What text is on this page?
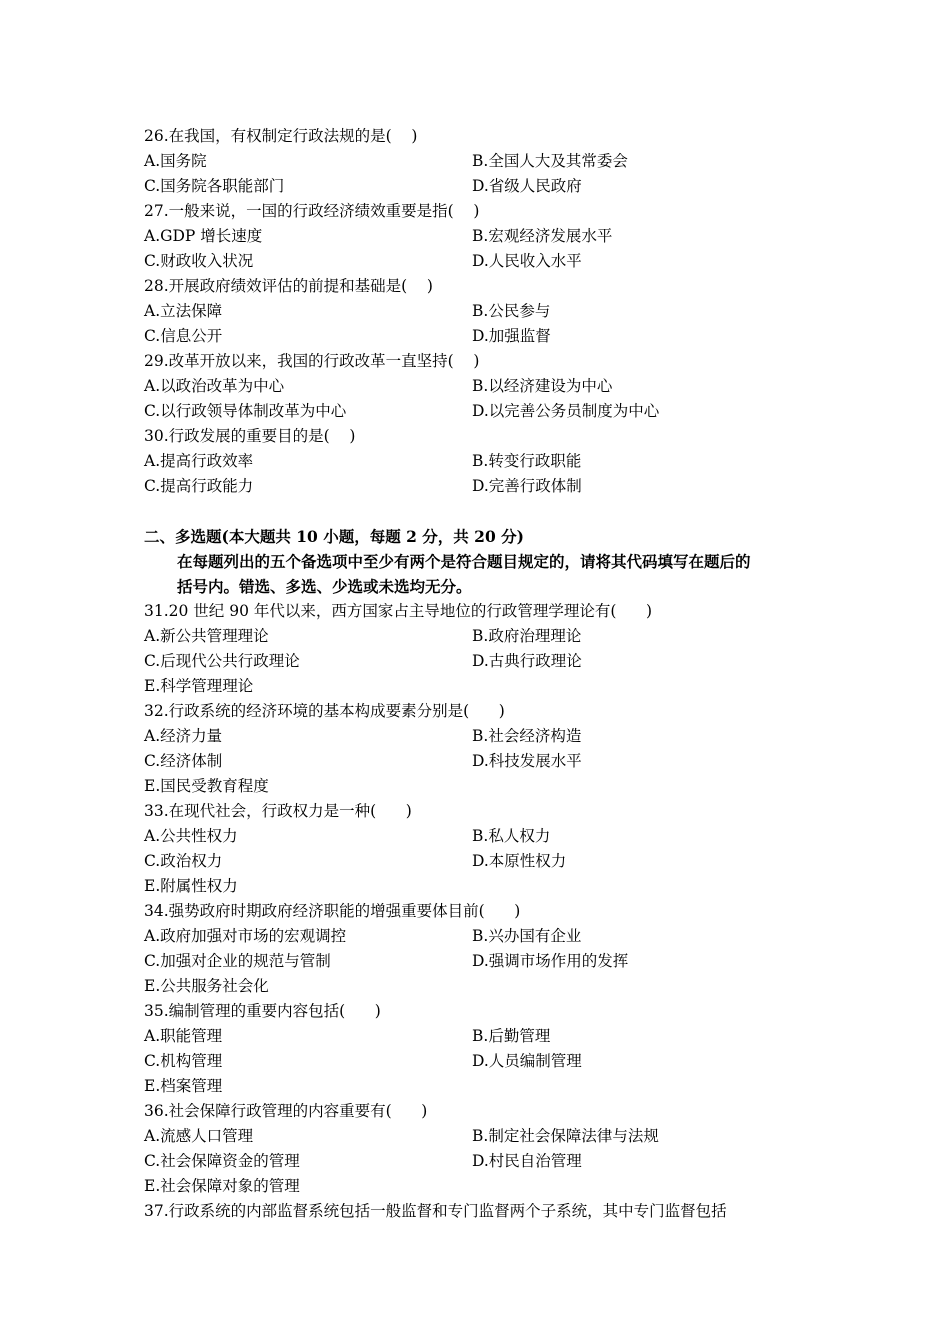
26.在我国，有权制定行政法规的是(    )
A.国务院	B.全国人大及其常委会
C.国务院各职能部门	D.省级人民政府
27.一般来说，一国的行政经济绩效重要是指(    )
A.GDP 增长速度	B.宏观经济发展水平
C.财政收入状况	D.人民收入水平
28.开展政府绩效评估的前提和基础是(    )
A.立法保障	B.公民参与
C.信息公开	D.加强监督
29.改革开放以来，我国的行政改革一直坚持(    )
A.以政治改革为中心	B.以经济建设为中心
C.以行政领导体制改革为中心	D.以完善公务员制度为中心
30.行政发展的重要目的是(    )
A.提高行政效率	B.转变行政职能
C.提高行政能力	D.完善行政体制
二、多选题(本大题共 10 小题，每题 2 分，共 20 分)
在每题列出的五个备选项中至少有两个是符合题目规定的，请将其代码填写在题后的
括号内。错选、多选、少选或未选均无分。
31.20 世纪 90 年代以来，西方国家占主导地位的行政管理学理论有(      )
A.新公共管理理论	B.政府治理理论
C.后现代公共行政理论	D.古典行政理论
E.科学管理理论
32.行政系统的经济环境的基本构成要素分别是(      )
A.经济力量	B.社会经济构造
C.经济体制	D.科技发展水平
E.国民受教育程度
33.在现代社会，行政权力是一种(      )
A.公共性权力	B.私人权力
C.政治权力	D.本原性权力
E.附属性权力
34.强势政府时期政府经济职能的增强重要体目前(      )
A.政府加强对市场的宏观调控	B.兴办国有企业
C.加强对企业的规范与管制	D.强调市场作用的发挥
E.公共服务社会化
35.编制管理的重要内容包括(      )
A.职能管理	B.后勤管理
C.机构管理	D.人员编制管理
E.档案管理
36.社会保障行政管理的内容重要有(      )
A.流感人口管理	B.制定社会保障法律与法规
C.社会保障资金的管理	D.村民自治管理
E.社会保障对象的管理
37.行政系统的内部监督系统包括一般监督和专门监督两个子系统，其中专门监督包括
